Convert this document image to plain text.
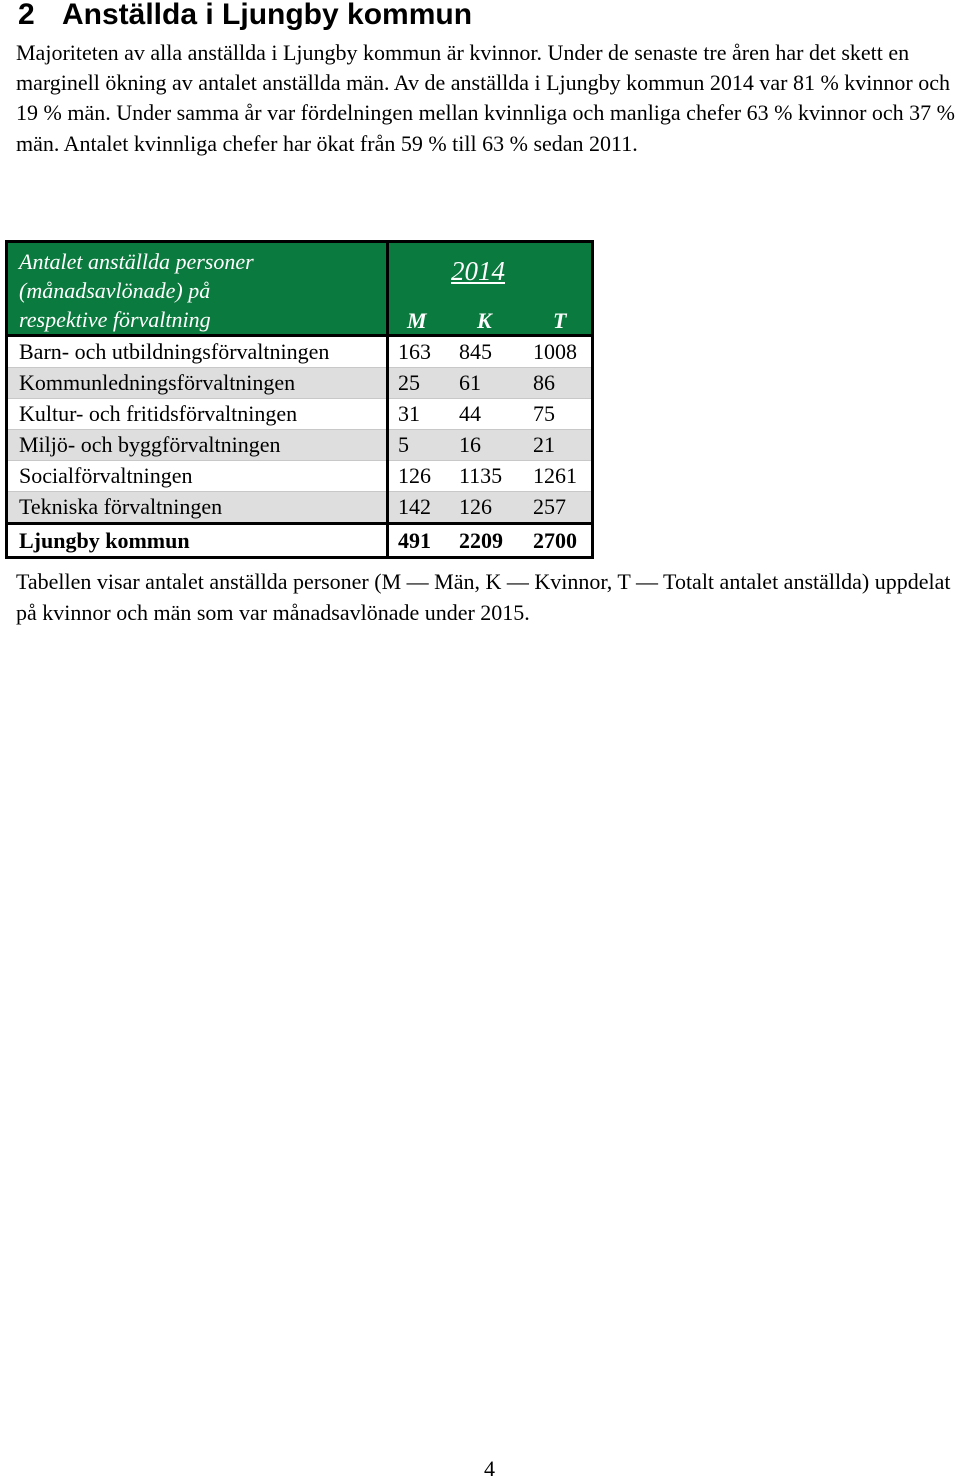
2 Anställda i Ljungby kommun

Majoriteten av alla anställda i Ljungby kommun är kvinnor. Under de senaste tre åren har det skett en marginell ökning av antalet anställda män. Av de anställda i Ljungby kommun 2014 var 81 % kvinnor och 19 % män. Under samma år var fördelningen mellan kvinnliga och manliga chefer 63 % kvinnor och 37 % män. Antalet kvinnliga chefer har ökat från 59 % till 63 % sedan 2011.

Antalet anställda personer
(månadsavlönade) på
respektive förvaltning	2014		
	M	K	T
Barn- och utbildningsförvaltningen	163	845	1008
Kommunledningsförvaltningen	25	61	86
Kultur- och fritidsförvaltningen	31	44	75
Miljö- och byggförvaltningen	5	16	21
Socialförvaltningen	126	1135	1261
Tekniska förvaltningen	142	126	257
Ljungby kommun	491	2209	2700

Tabellen visar antalet anställda personer (M — Män, K — Kvinnor, T — Totalt antalet anställda) uppdelat på kvinnor och män som var månadsavlönade under 2015.

4
